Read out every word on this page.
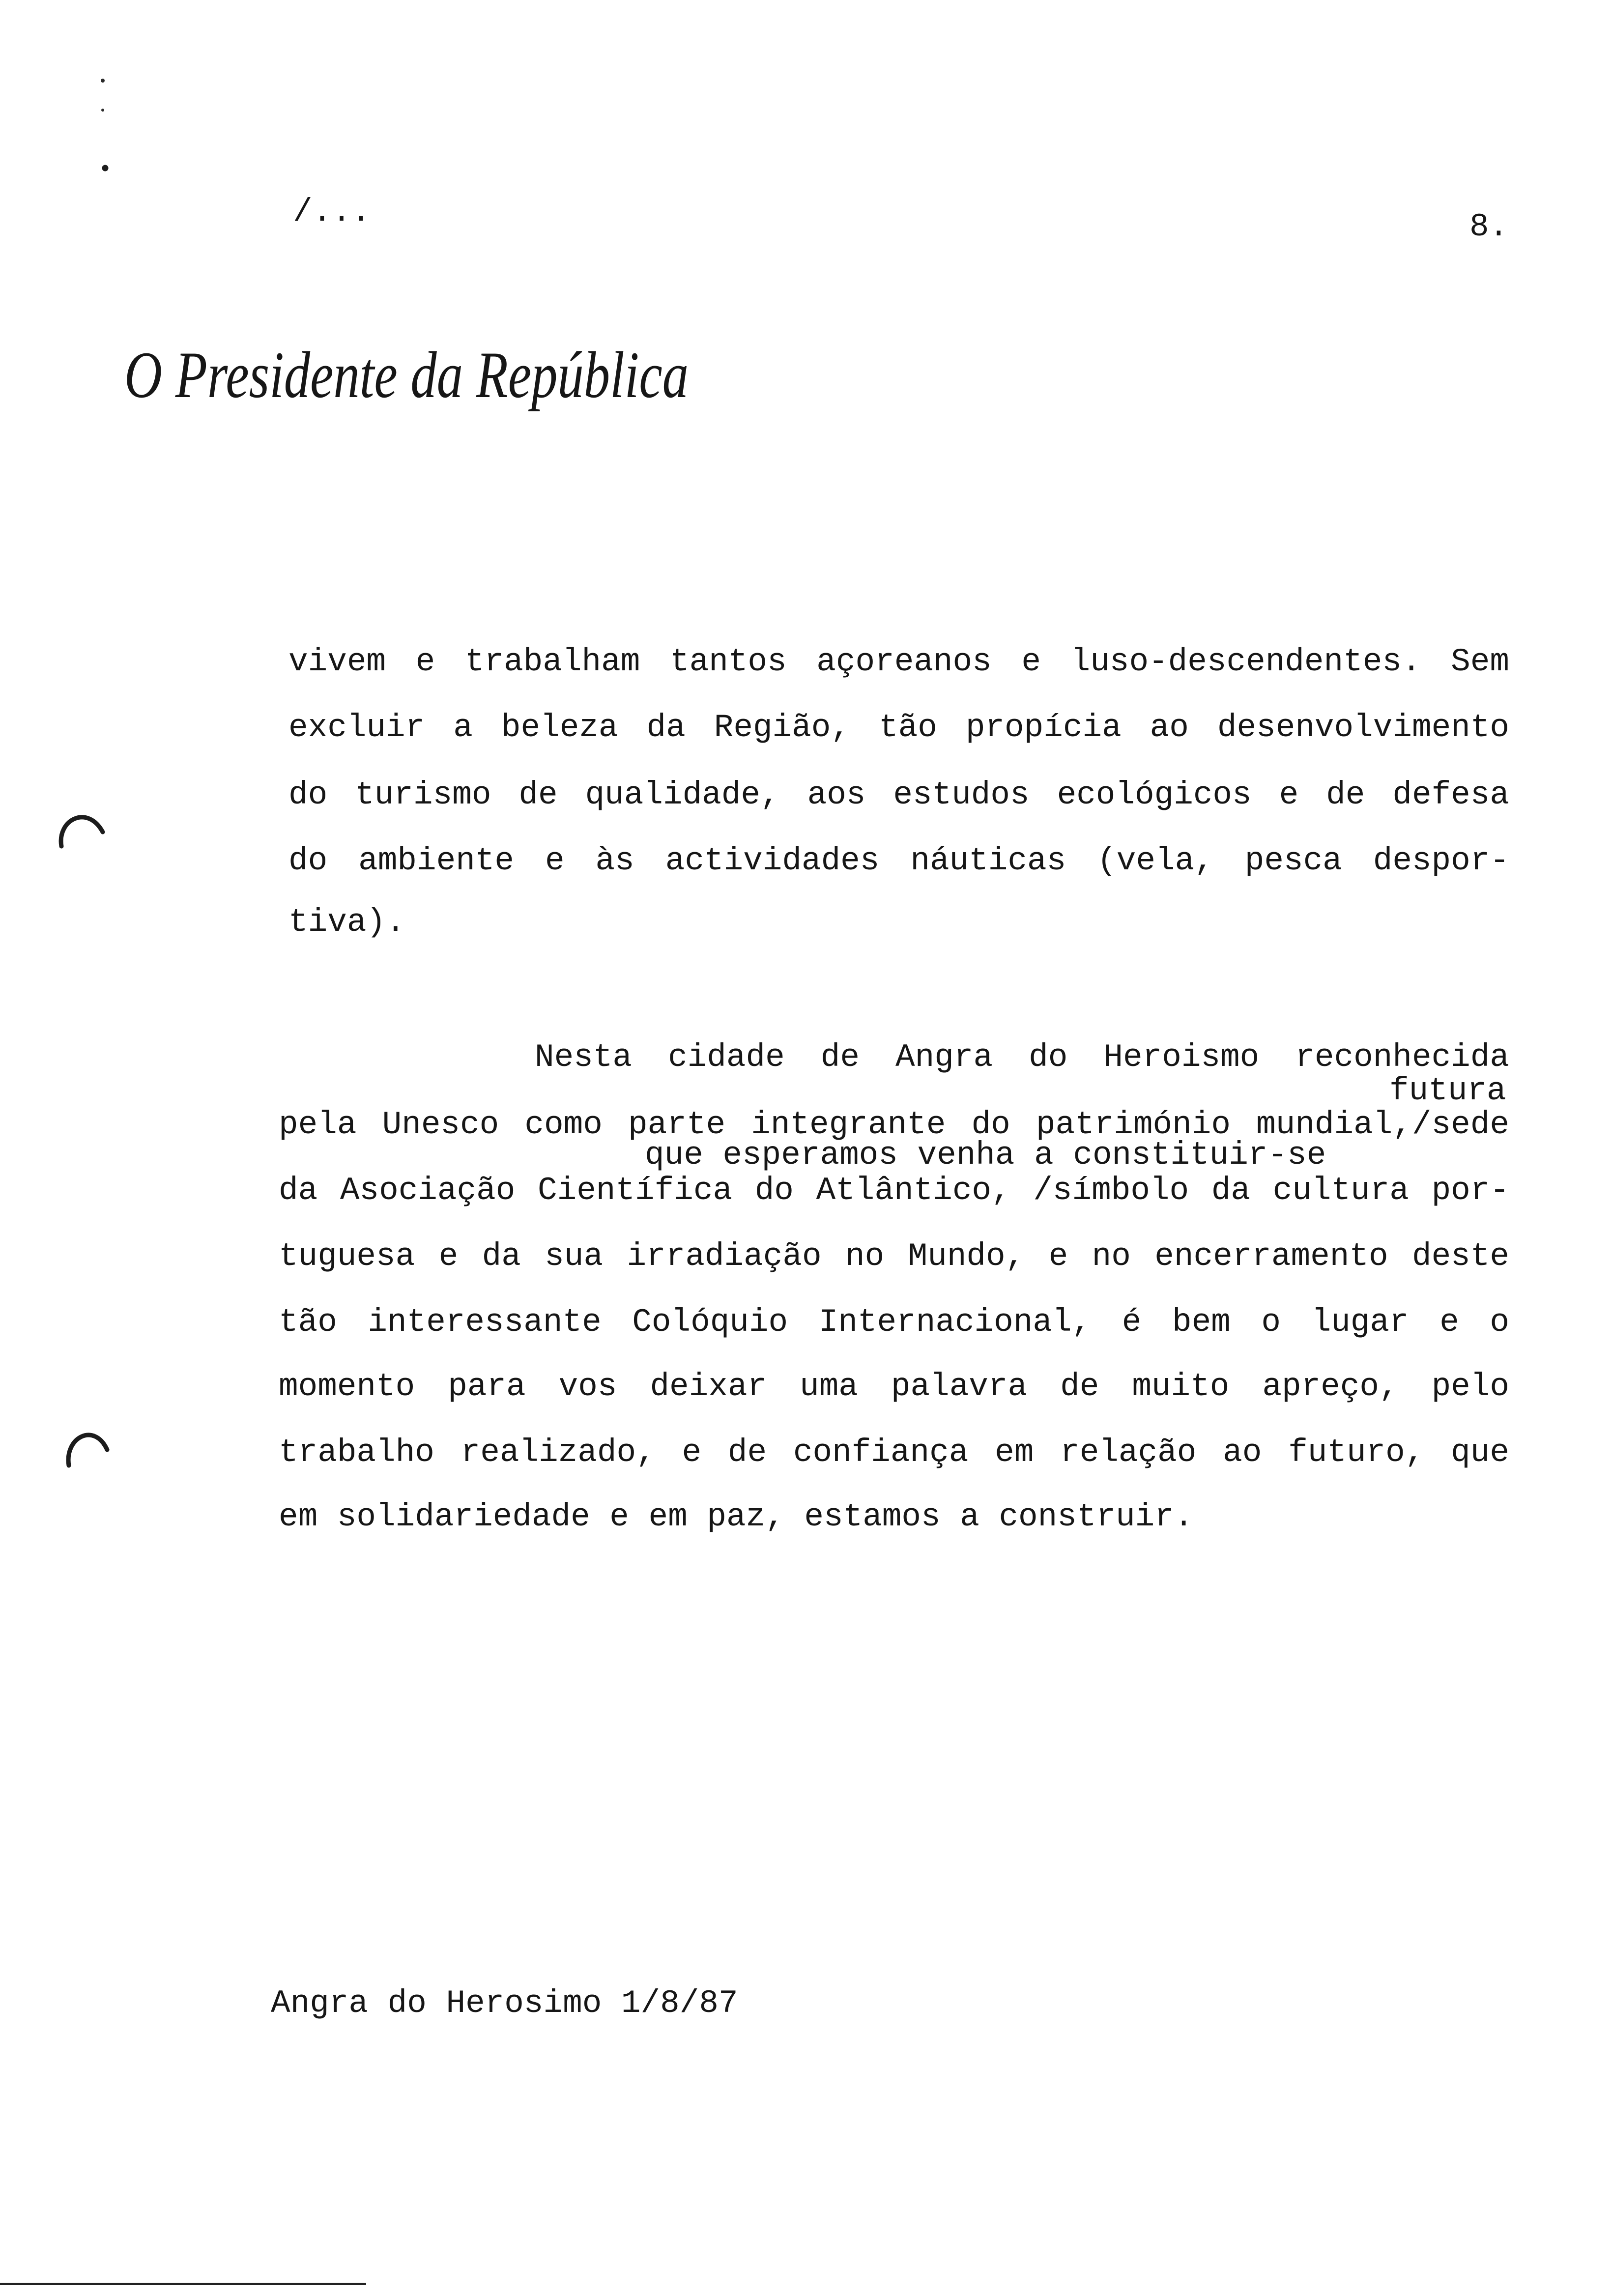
O Presidente da República
/...	8.
vivem e trabalham tantos açoreanos e luso-descendentes. Sem
excluir a beleza da Região, tão propícia ao desenvolvimento
do turismo de qualidade, aos estudos ecológicos e de defesa
do ambiente e às actividades náuticas (vela, pesca despor-
tiva).
Nesta cidade de Angra do Heroismo reconhecida
futura
pela Unesco como parte integrante do património mundial,/sede
que esperamos venha a constituir-se
da Asociação Científica do Atlântico, /símbolo da cultura por-
tuguesa e da sua irradiação no Mundo, e no encerramento deste
tão interessante Colóquio Internacional, é bem o lugar e o
momento para vos deixar uma palavra de muito apreço, pelo
trabalho realizado, e de confiança em relação ao futuro, que
em solidariedade e em paz, estamos a construir.
Angra do Herosimo 1/8/87
